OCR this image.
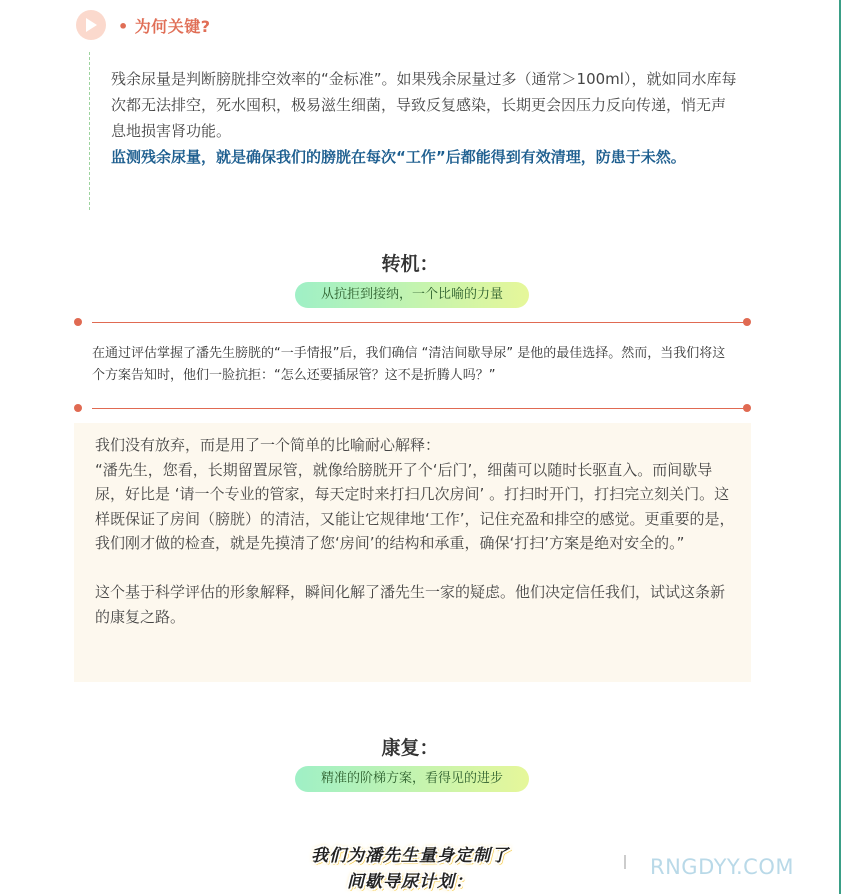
• 为何关键?

残余尿量是判断膀胱排空效率的“金标准”。如果残余尿量过多（通常＞100ml），就如同水库每次都无法排空，死水囤积，极易滋生细菌，导致反复感染，长期更会因压力反向传递，悄无声息地损害肾功能。

监测残余尿量，就是确保我们的膀胱在每次“工作”后都能得到有效清理，防患于未然。

转机：
从抗拒到接纳，一个比喻的力量
在通过评估掌握了潘先生膀胱的“一手情报”后，我们确信 “清洁间歇导尿” 是他的最佳选择。然而，当我们将这个方案告知时，他们一脸抗拒：“怎么还要插尿管？这不是折腾人吗？”

我们没有放弃，而是用了一个简单的比喻耐心解释：

“潘先生，您看，长期留置尿管，就像给膀胱开了个‘后门’，细菌可以随时长驱直入。而间歇导尿，好比是 ‘请一个专业的管家，每天定时来打扫几次房间’ 。打扫时开门，打扫完立刻关门。这样既保证了房间（膀胱）的清洁，又能让它规律地‘工作’，记住充盈和排空的感觉。更重要的是，我们刚才做的检查，就是先摸清了您‘房间’的结构和承重，确保‘打扫’方案是绝对安全的。”

这个基于科学评估的形象解释，瞬间化解了潘先生一家的疑虑。他们决定信任我们，试试这条新的康复之路。

康复：
精准的阶梯方案，看得见的进步
我们为潘先生量身定制了
间歇导尿计划：
RNGDYY.COM
